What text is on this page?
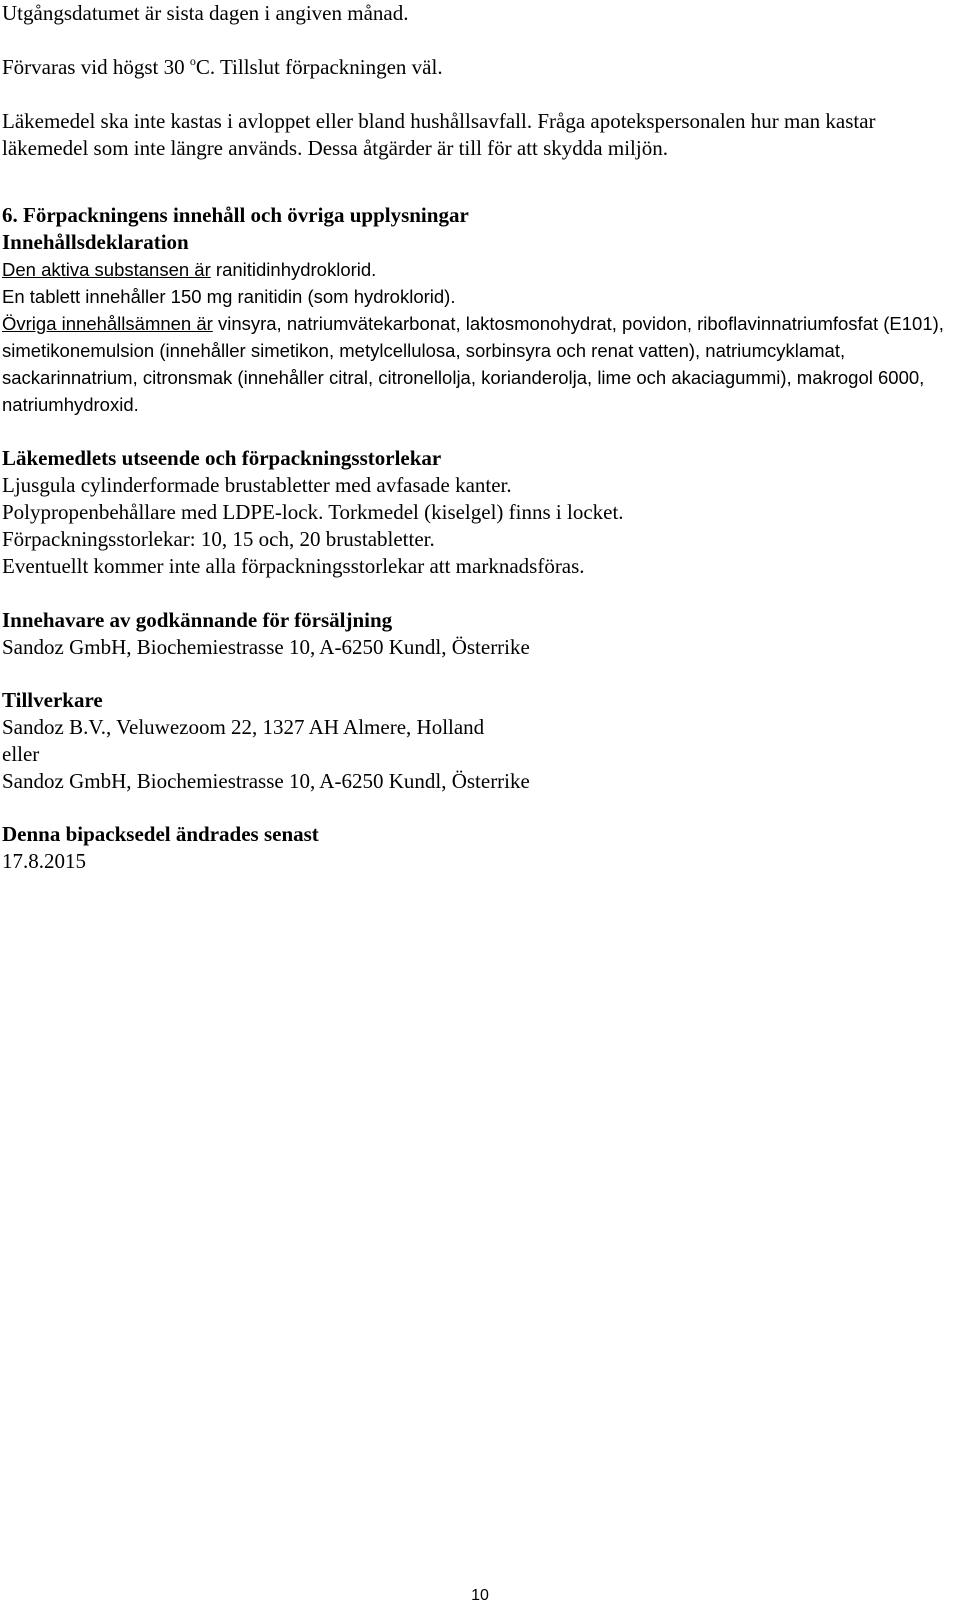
Utgångsdatumet är sista dagen i angiven månad.

Förvaras vid högst 30 $^o$C. Tillslut förpackningen väl.

Läkemedel ska inte kastas i avloppet eller bland hushållsavfall. Fråga apotekspersonalen hur man kastar läkemedel som inte längre används. Dessa åtgärder är till för att skydda miljön.

6. Förpackningens innehåll och övriga upplysningar

Innehållsdeklaration

Den aktiva substansen är ranitidinhydroklorid.

En tablett innehåller 150 mg ranitidin (som hydroklorid).

Övriga innehållsämnen är vinsyra, natriumvätekarbonat, laktosmonohydrat, povidon, riboflavinnatriumfosfat (E101), simetikonemulsion (innehåller simetikon, metylcellulosa, sorbinsyra och renat vatten), natriumcyklamat, sackarinnatrium, citronsmak (innehåller citral, citronellolja, korianderolja, lime och akaciagummi), makrogol 6000, natriumhydroxid.

Läkemedlets utseende och förpackningsstorlekar

Ljusgula cylinderformade brustabletter med avfasade kanter.

Polypropenbehållare med LDPE-lock. Torkmedel (kiselgel) finns i locket.

Förpackningsstorlekar: 10, 15 och, 20 brustabletter.

Eventuellt kommer inte alla förpackningsstorlekar att marknadsföras.

Innehavare av godkännande för försäljning

Sandoz GmbH, Biochemiestrasse 10, A-6250 Kundl, Österrike

Tillverkare

Sandoz B.V., Veluwezoom 22, 1327 AH Almere, Holland

eller

Sandoz GmbH, Biochemiestrasse 10, A-6250 Kundl, Österrike

Denna bipacksedel ändrades senast

17.8.2015

10
